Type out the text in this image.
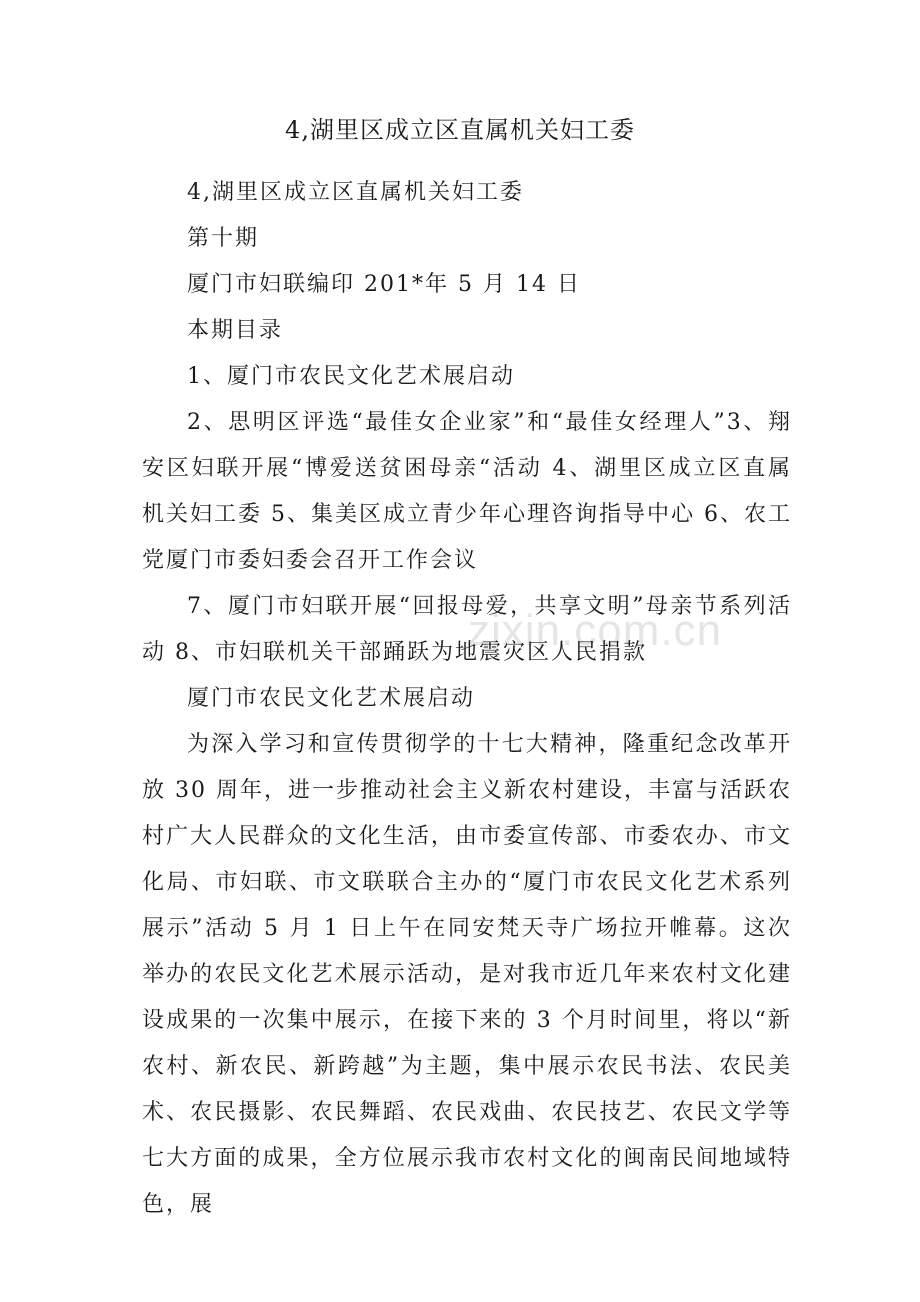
4,湖里区成立区直属机关妇工委

4,湖里区成立区直属机关妇工委

第十期

厦门市妇联编印 201*年 5 月 14 日

本期目录

1、厦门市农民文化艺术展启动

2、思明区评选“最佳女企业家”和“最佳女经理人”3、翔安区妇联开展“博爱送贫困母亲“活动 4、湖里区成立区直属机关妇工委 5、集美区成立青少年心理咨询指导中心 6、农工党厦门市委妇委会召开工作会议

7、厦门市妇联开展“回报母爱，共享文明”母亲节系列活动 8、市妇联机关干部踊跃为地震灾区人民捐款

厦门市农民文化艺术展启动

为深入学习和宣传贯彻学的十七大精神，隆重纪念改革开放 30 周年，进一步推动社会主义新农村建设，丰富与活跃农村广大人民群众的文化生活，由市委宣传部、市委农办、市文化局、市妇联、市文联联合主办的“厦门市农民文化艺术系列展示”活动 5 月 1 日上午在同安梵天寺广场拉开帷幕。这次举办的农民文化艺术展示活动，是对我市近几年来农村文化建设成果的一次集中展示，在接下来的 3 个月时间里，将以“新农村、新农民、新跨越”为主题，集中展示农民书法、农民美术、农民摄影、农民舞蹈、农民戏曲、农民技艺、农民文学等七大方面的成果，全方位展示我市农村文化的闽南民间地域特色，展

zixin.com.cn
